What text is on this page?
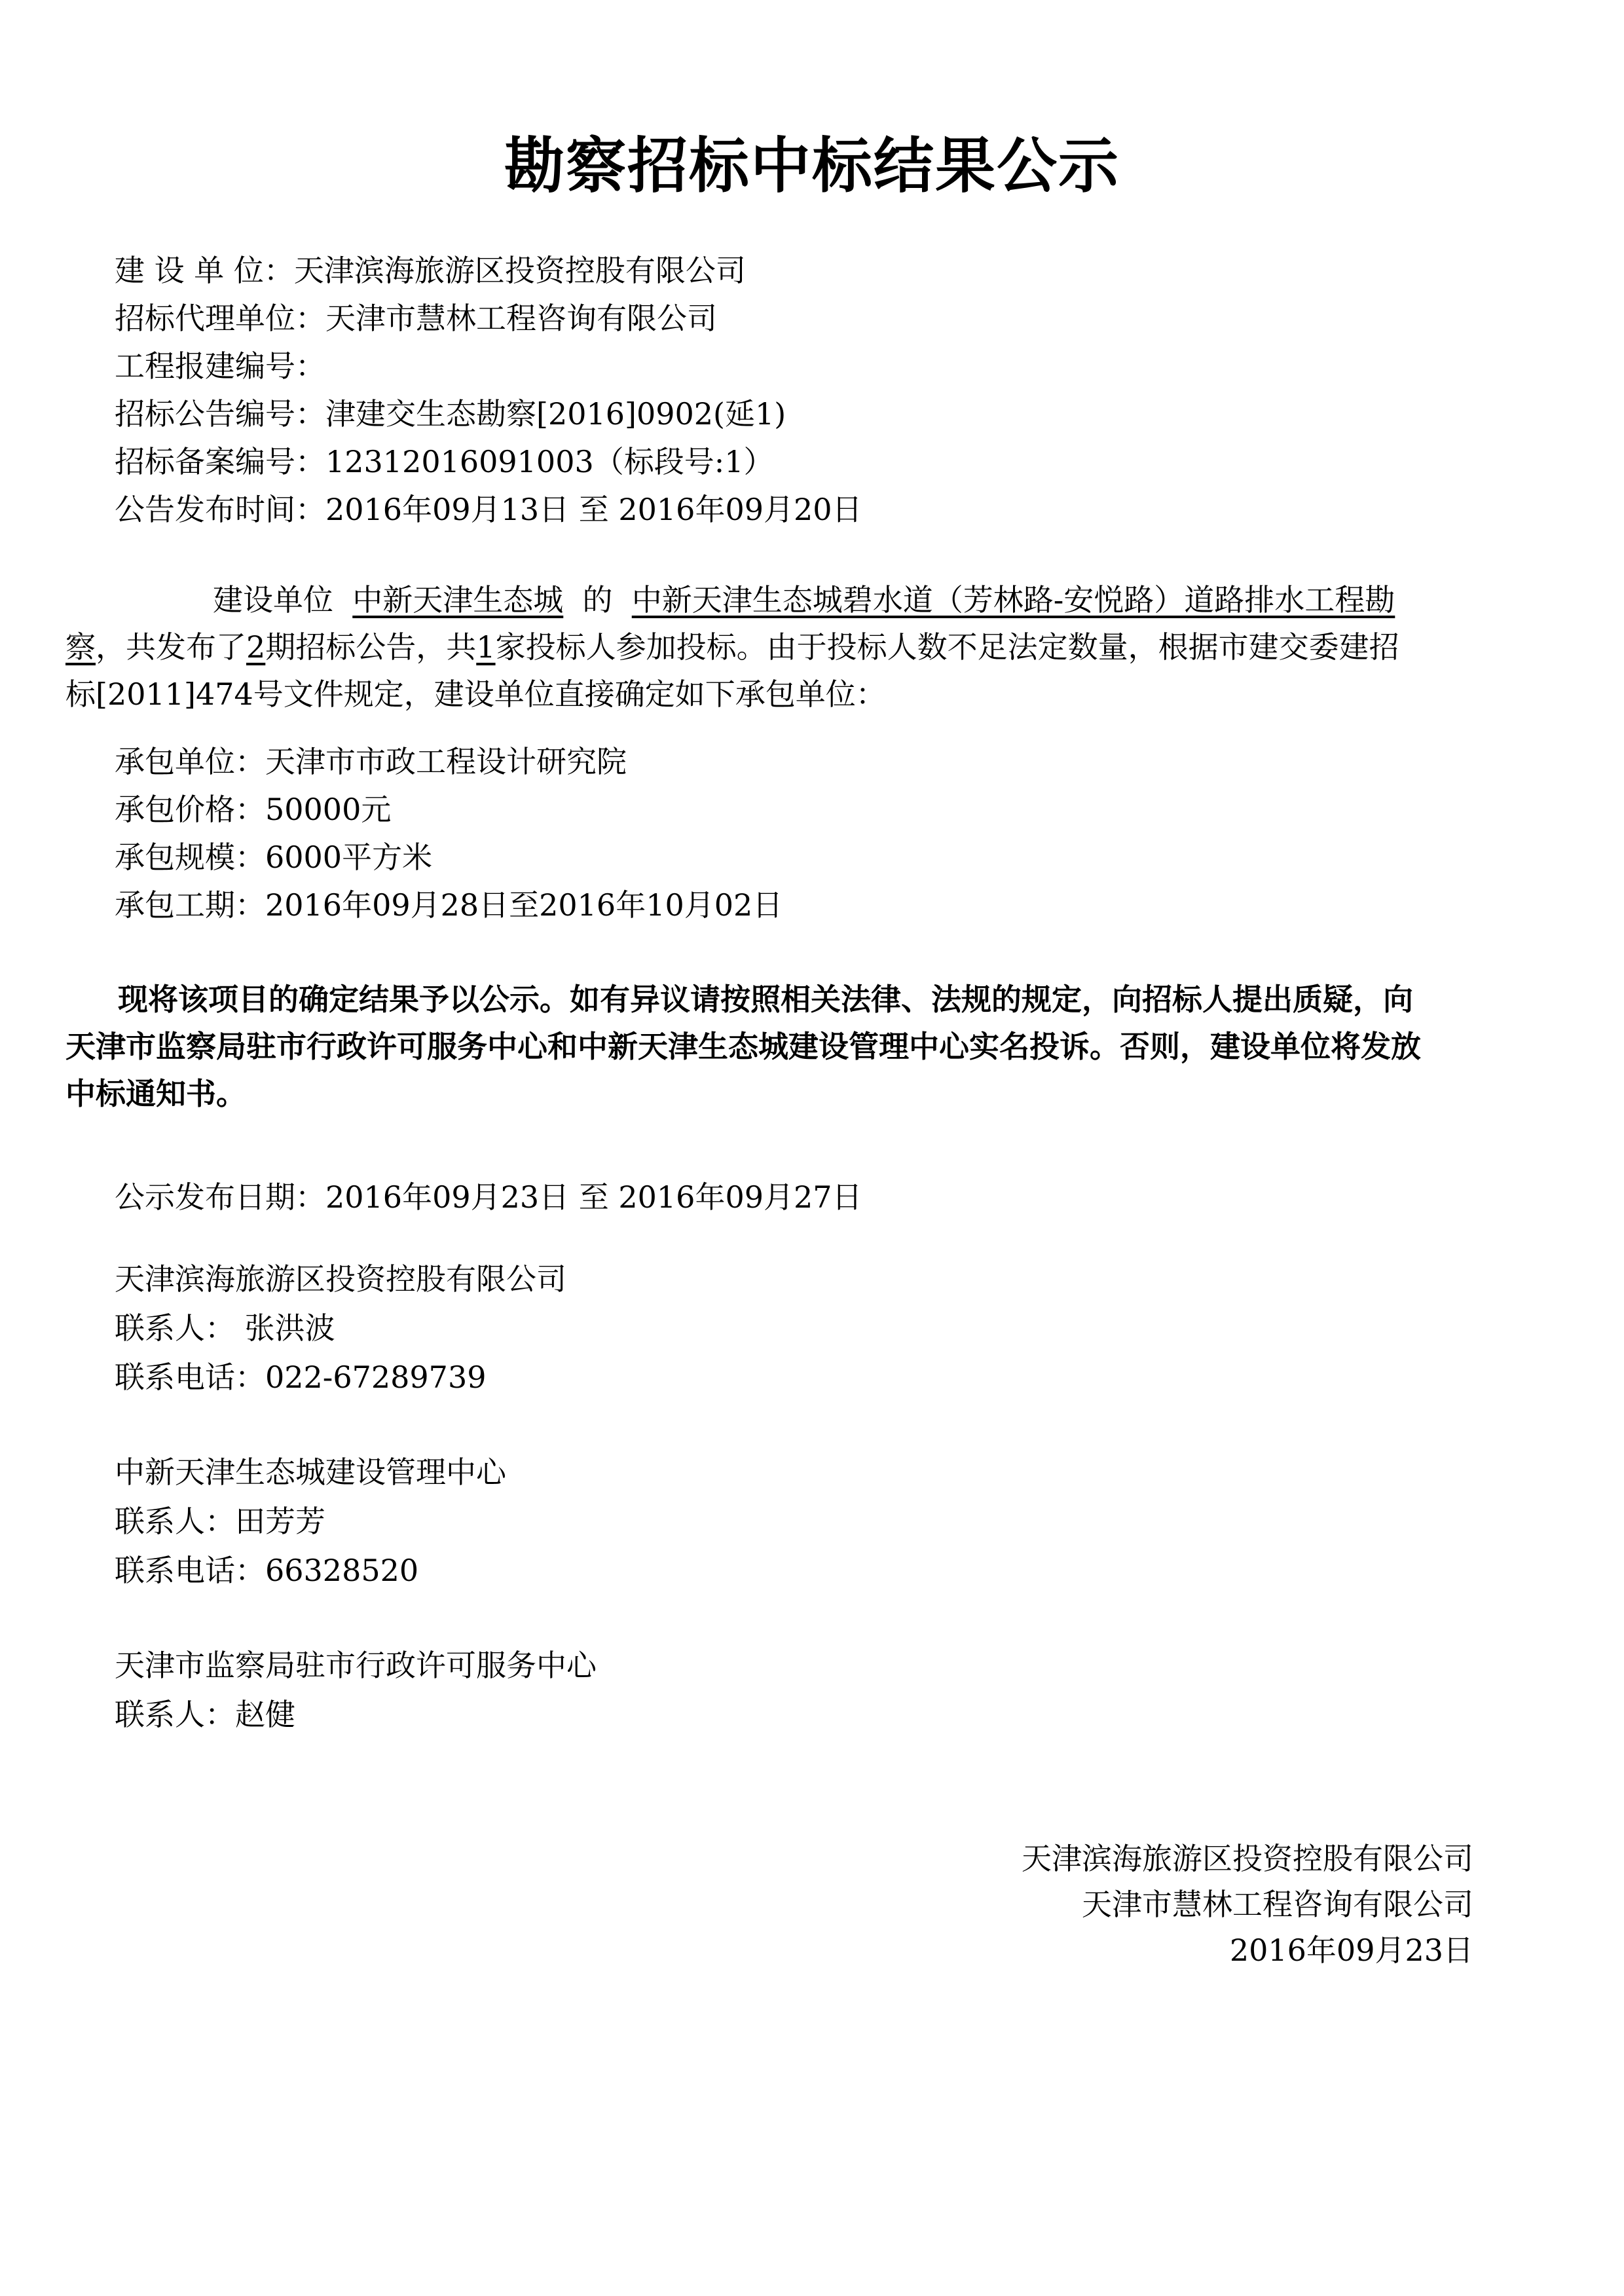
勘察招标中标结果公示
建 设 单 位：天津滨海旅游区投资控股有限公司
招标代理单位：天津市慧林工程咨询有限公司
工程报建编号：
招标公告编号：津建交生态勘察[2016]0902(延1)
招标备案编号：12312016091003（标段号:1）
公告发布时间：2016年09月13日 至 2016年09月20日

建设单位 中新天津生态城 的 中新天津生态城碧水道（芳林路-安悦路）道路排水工程勘

察，共发布了2期招标公告，共1家投标人参加投标。由于投标人数不足法定数量，根据市建交委建招

标[2011]474号文件规定，建设单位直接确定如下承包单位：

承包单位：天津市市政工程设计研究院
承包价格：50000元
承包规模：6000平方米
承包工期：2016年09月28日至2016年10月02日
现将该项目的确定结果予以公示。如有异议请按照相关法律、法规的规定，向招标人提出质疑，向
天津市监察局驻市行政许可服务中心和中新天津生态城建设管理中心实名投诉。否则，建设单位将发放
中标通知书。
公示发布日期：2016年09月23日 至 2016年09月27日
天津滨海旅游区投资控股有限公司
联系人： 张洪波
联系电话：022-67289739
中新天津生态城建设管理中心
联系人：田芳芳
联系电话：66328520
天津市监察局驻市行政许可服务中心
联系人：赵健
天津滨海旅游区投资控股有限公司
天津市慧林工程咨询有限公司
2016年09月23日
